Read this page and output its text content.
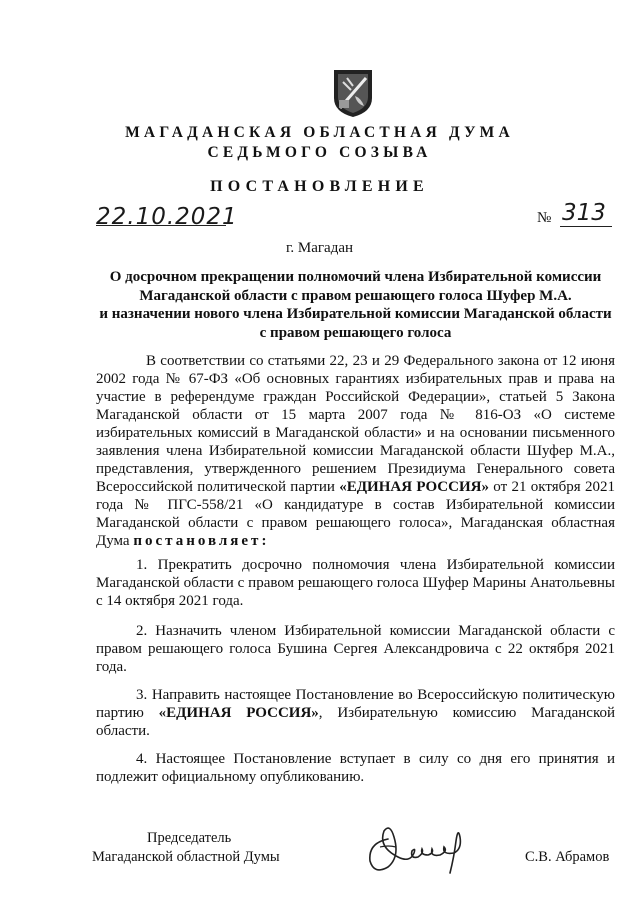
МАГАДАНСКАЯ ОБЛАСТНАЯ ДУМА
СЕДЬМОГО СОЗЫВА
ПОСТАНОВЛЕНИЕ
22.10.2021	№ 313
г. Магадан
О досрочном прекращении полномочий члена Избирательной комиссии
Магаданской области с правом решающего голоса Шуфер М.А.
и назначении нового члена Избирательной комиссии Магаданской области
с правом решающего голоса
В соответствии со статьями 22, 23 и 29 Федерального закона от 12 июня 2002 года № 67-ФЗ «Об основных гарантиях избирательных прав и права на участие в референдуме граждан Российской Федерации», статьей 5 Закона Магаданской области от 15 марта 2007 года № 816-ОЗ «О системе избирательных комиссий в Магаданской области» и на основании письменного заявления члена Избирательной комиссии Магаданской области Шуфер М.А., представления, утвержденного решением Президиума Генерального совета Всероссийской политической партии «ЕДИНАЯ РОССИЯ» от 21 октября 2021 года № ПГС-558/21 «О кандидатуре в состав Избирательной комиссии Магаданской области с правом решающего голоса», Магаданская областная Дума постановляет:
1. Прекратить досрочно полномочия члена Избирательной комиссии Магаданской области с правом решающего голоса Шуфер Марины Анатольевны с 14 октября 2021 года.
2. Назначить членом Избирательной комиссии Магаданской области с правом решающего голоса Бушина Сергея Александровича с 22 октября 2021 года.
3. Направить настоящее Постановление во Всероссийскую политическую партию «ЕДИНАЯ РОССИЯ», Избирательную комиссию Магаданской области.
4. Настоящее Постановление вступает в силу со дня его принятия и подлежит официальному опубликованию.
Председатель
Магаданской областной Думы	С.В. Абрамов
